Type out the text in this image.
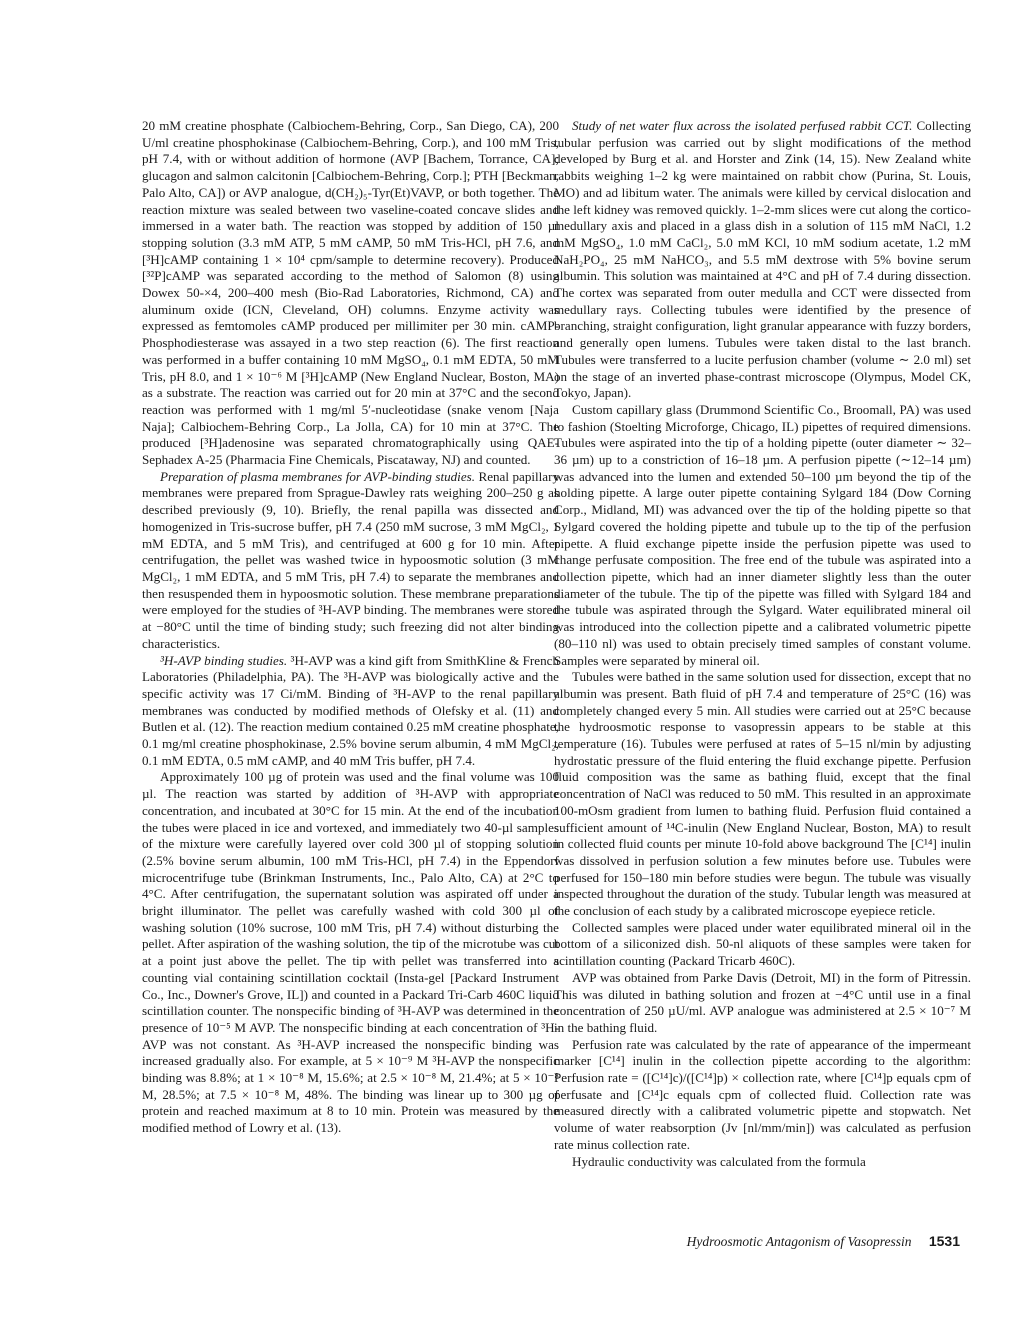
20 mM creatine phosphate (Calbiochem-Behring, Corp., San Diego, CA), 200 U/ml creatine phosphokinase (Calbiochem-Behring, Corp.), and 100 mM Tris, pH 7.4, with or without addition of hormone (AVP [Bachem, Torrance, CA]; glucagon and salmon calcitonin [Calbiochem-Behring, Corp.]; PTH [Beckman, Palo Alto, CA]) or AVP analogue, d(CH₂)₅-Tyr(Et)VAVP, or both together. The reaction mixture was sealed between two vaseline-coated concave slides and immersed in a water bath. The reaction was stopped by addition of 150 µl stopping solution (3.3 mM ATP, 5 mM cAMP, 50 mM Tris-HCl, pH 7.6, and [³H]cAMP containing 1 × 10⁴ cpm/sample to determine recovery). Produced [³²P]cAMP was separated according to the method of Salomon (8) using Dowex 50-×4, 200–400 mesh (Bio-Rad Laboratories, Richmond, CA) and aluminum oxide (ICN, Cleveland, OH) columns. Enzyme activity was expressed as femtomoles cAMP produced per millimiter per 30 min. cAMP-Phosphodiesterase was assayed in a two step reaction (6). The first reaction was performed in a buffer containing 10 mM MgSO₄, 0.1 mM EDTA, 50 mM Tris, pH 8.0, and 1 × 10⁻⁶ M [³H]cAMP (New England Nuclear, Boston, MA) as a substrate. The reaction was carried out for 20 min at 37°C and the second reaction was performed with 1 mg/ml 5′-nucleotidase (snake venom [Naja Naja]; Calbiochem-Behring Corp., La Jolla, CA) for 10 min at 37°C. The produced [³H]adenosine was separated chromatographically using QAE-Sephadex A-25 (Pharmacia Fine Chemicals, Piscataway, NJ) and counted.

Preparation of plasma membranes for AVP-binding studies. Renal papillary membranes were prepared from Sprague-Dawley rats weighing 200–250 g as described previously (9, 10). Briefly, the renal papilla was dissected and homogenized in Tris-sucrose buffer, pH 7.4 (250 mM sucrose, 3 mM MgCl₂, 1 mM EDTA, and 5 mM Tris), and centrifuged at 600 g for 10 min. After centrifugation, the pellet was washed twice in hypoosmotic solution (3 mM MgCl₂, 1 mM EDTA, and 5 mM Tris, pH 7.4) to separate the membranes and then resuspended them in hypoosmotic solution. These membrane preparations were employed for the studies of ³H-AVP binding. The membranes were stored at −80°C until the time of binding study; such freezing did not alter binding characteristics.

³H-AVP binding studies. ³H-AVP was a kind gift from SmithKline & French Laboratories (Philadelphia, PA). The ³H-AVP was biologically active and the specific activity was 17 Ci/mM. Binding of ³H-AVP to the renal papillary membranes was conducted by modified methods of Olefsky et al. (11) and Butlen et al. (12). The reaction medium contained 0.25 mM creatine phosphate, 0.1 mg/ml creatine phosphokinase, 2.5% bovine serum albumin, 4 mM MgCl₂, 0.1 mM EDTA, 0.5 mM cAMP, and 40 mM Tris buffer, pH 7.4.

Approximately 100 µg of protein was used and the final volume was 100 µl. The reaction was started by addition of ³H-AVP with appropriate concentration, and incubated at 30°C for 15 min. At the end of the incubation the tubes were placed in ice and vortexed, and immediately two 40-µl samples of the mixture were carefully layered over cold 300 µl of stopping solution (2.5% bovine serum albumin, 100 mM Tris-HCl, pH 7.4) in the Eppendorf microcentrifuge tube (Brinkman Instruments, Inc., Palo Alto, CA) at 2°C to 4°C. After centrifugation, the supernatant solution was aspirated off under a bright illuminator. The pellet was carefully washed with cold 300 µl of washing solution (10% sucrose, 100 mM Tris, pH 7.4) without disturbing the pellet. After aspiration of the washing solution, the tip of the microtube was cut at a point just above the pellet. The tip with pellet was transferred into a counting vial containing scintillation cocktail (Insta-gel [Packard Instrument Co., Inc., Downer's Grove, IL]) and counted in a Packard Tri-Carb 460C liquid scintillation counter. The nonspecific binding of ³H-AVP was determined in the presence of 10⁻⁵ M AVP. The nonspecific binding at each concentration of ³H-AVP was not constant. As ³H-AVP increased the nonspecific binding was increased gradually also. For example, at 5 × 10⁻⁹ M ³H-AVP the nonspecific binding was 8.8%; at 1 × 10⁻⁸ M, 15.6%; at 2.5 × 10⁻⁸ M, 21.4%; at 5 × 10⁻⁸ M, 28.5%; at 7.5 × 10⁻⁸ M, 48%. The binding was linear up to 300 µg of protein and reached maximum at 8 to 10 min. Protein was measured by the modified method of Lowry et al. (13).

Study of net water flux across the isolated perfused rabbit CCT. Collecting tubular perfusion was carried out by slight modifications of the method developed by Burg et al. and Horster and Zink (14, 15). New Zealand white rabbits weighing 1–2 kg were maintained on rabbit chow (Purina, St. Louis, MO) and ad libitum water. The animals were killed by cervical dislocation and the left kidney was removed quickly. 1–2-mm slices were cut along the cortico-medullary axis and placed in a glass dish in a solution of 115 mM NaCl, 1.2 mM MgSO₄, 1.0 mM CaCl₂, 5.0 mM KCl, 10 mM sodium acetate, 1.2 mM NaH₂PO₄, 25 mM NaHCO₃, and 5.5 mM dextrose with 5% bovine serum albumin. This solution was maintained at 4°C and pH of 7.4 during dissection. The cortex was separated from outer medulla and CCT were dissected from medullary rays. Collecting tubules were identified by the presence of branching, straight configuration, light granular appearance with fuzzy borders, and generally open lumens. Tubules were taken distal to the last branch. Tubules were transferred to a lucite perfusion chamber (volume ∼ 2.0 ml) set on the stage of an inverted phase-contrast microscope (Olympus, Model CK, Tokyo, Japan).

Custom capillary glass (Drummond Scientific Co., Broomall, PA) was used to fashion (Stoelting Microforge, Chicago, IL) pipettes of required dimensions. Tubules were aspirated into the tip of a holding pipette (outer diameter ∼ 32–36 µm) up to a constriction of 16–18 µm. A perfusion pipette (∼12–14 µm) was advanced into the lumen and extended 50–100 µm beyond the tip of the holding pipette. A large outer pipette containing Sylgard 184 (Dow Corning Corp., Midland, MI) was advanced over the tip of the holding pipette so that Sylgard covered the holding pipette and tubule up to the tip of the perfusion pipette. A fluid exchange pipette inside the perfusion pipette was used to change perfusate composition. The free end of the tubule was aspirated into a collection pipette, which had an inner diameter slightly less than the outer diameter of the tubule. The tip of the pipette was filled with Sylgard 184 and the tubule was aspirated through the Sylgard. Water equilibrated mineral oil was introduced into the collection pipette and a calibrated volumetric pipette (80–110 nl) was used to obtain precisely timed samples of constant volume. Samples were separated by mineral oil.

Tubules were bathed in the same solution used for dissection, except that no albumin was present. Bath fluid of pH 7.4 and temperature of 25°C (16) was completely changed every 5 min. All studies were carried out at 25°C because the hydroosmotic response to vasopressin appears to be stable at this temperature (16). Tubules were perfused at rates of 5–15 nl/min by adjusting hydrostatic pressure of the fluid entering the fluid exchange pipette. Perfusion fluid composition was the same as bathing fluid, except that the final concentration of NaCl was reduced to 50 mM. This resulted in an approximate 100-mOsm gradient from lumen to bathing fluid. Perfusion fluid contained a sufficient amount of ¹⁴C-inulin (New England Nuclear, Boston, MA) to result in collected fluid counts per minute 10-fold above background The [C¹⁴] inulin was dissolved in perfusion solution a few minutes before use. Tubules were perfused for 150–180 min before studies were begun. The tubule was visually inspected throughout the duration of the study. Tubular length was measured at the conclusion of each study by a calibrated microscope eyepiece reticle.

Collected samples were placed under water equilibrated mineral oil in the bottom of a siliconized dish. 50-nl aliquots of these samples were taken for scintillation counting (Packard Tricarb 460C).

AVP was obtained from Parke Davis (Detroit, MI) in the form of Pitressin. This was diluted in bathing solution and frozen at −4°C until use in a final concentration of 250 µU/ml. AVP analogue was administered at 2.5 × 10⁻⁷ M in the bathing fluid.

Perfusion rate was calculated by the rate of appearance of the impermeant marker [C¹⁴] inulin in the collection pipette according to the algorithm: Perfusion rate = ([C¹⁴]c)/([C¹⁴]p) × collection rate, where [C¹⁴]p equals cpm of perfusate and [C¹⁴]c equals cpm of collected fluid. Collection rate was measured directly with a calibrated volumetric pipette and stopwatch. Net volume of water reabsorption (Jv [nl/mm/min]) was calculated as perfusion rate minus collection rate.

Hydraulic conductivity was calculated from the formula

Hydroosmotic Antagonism of Vasopressin 1531
